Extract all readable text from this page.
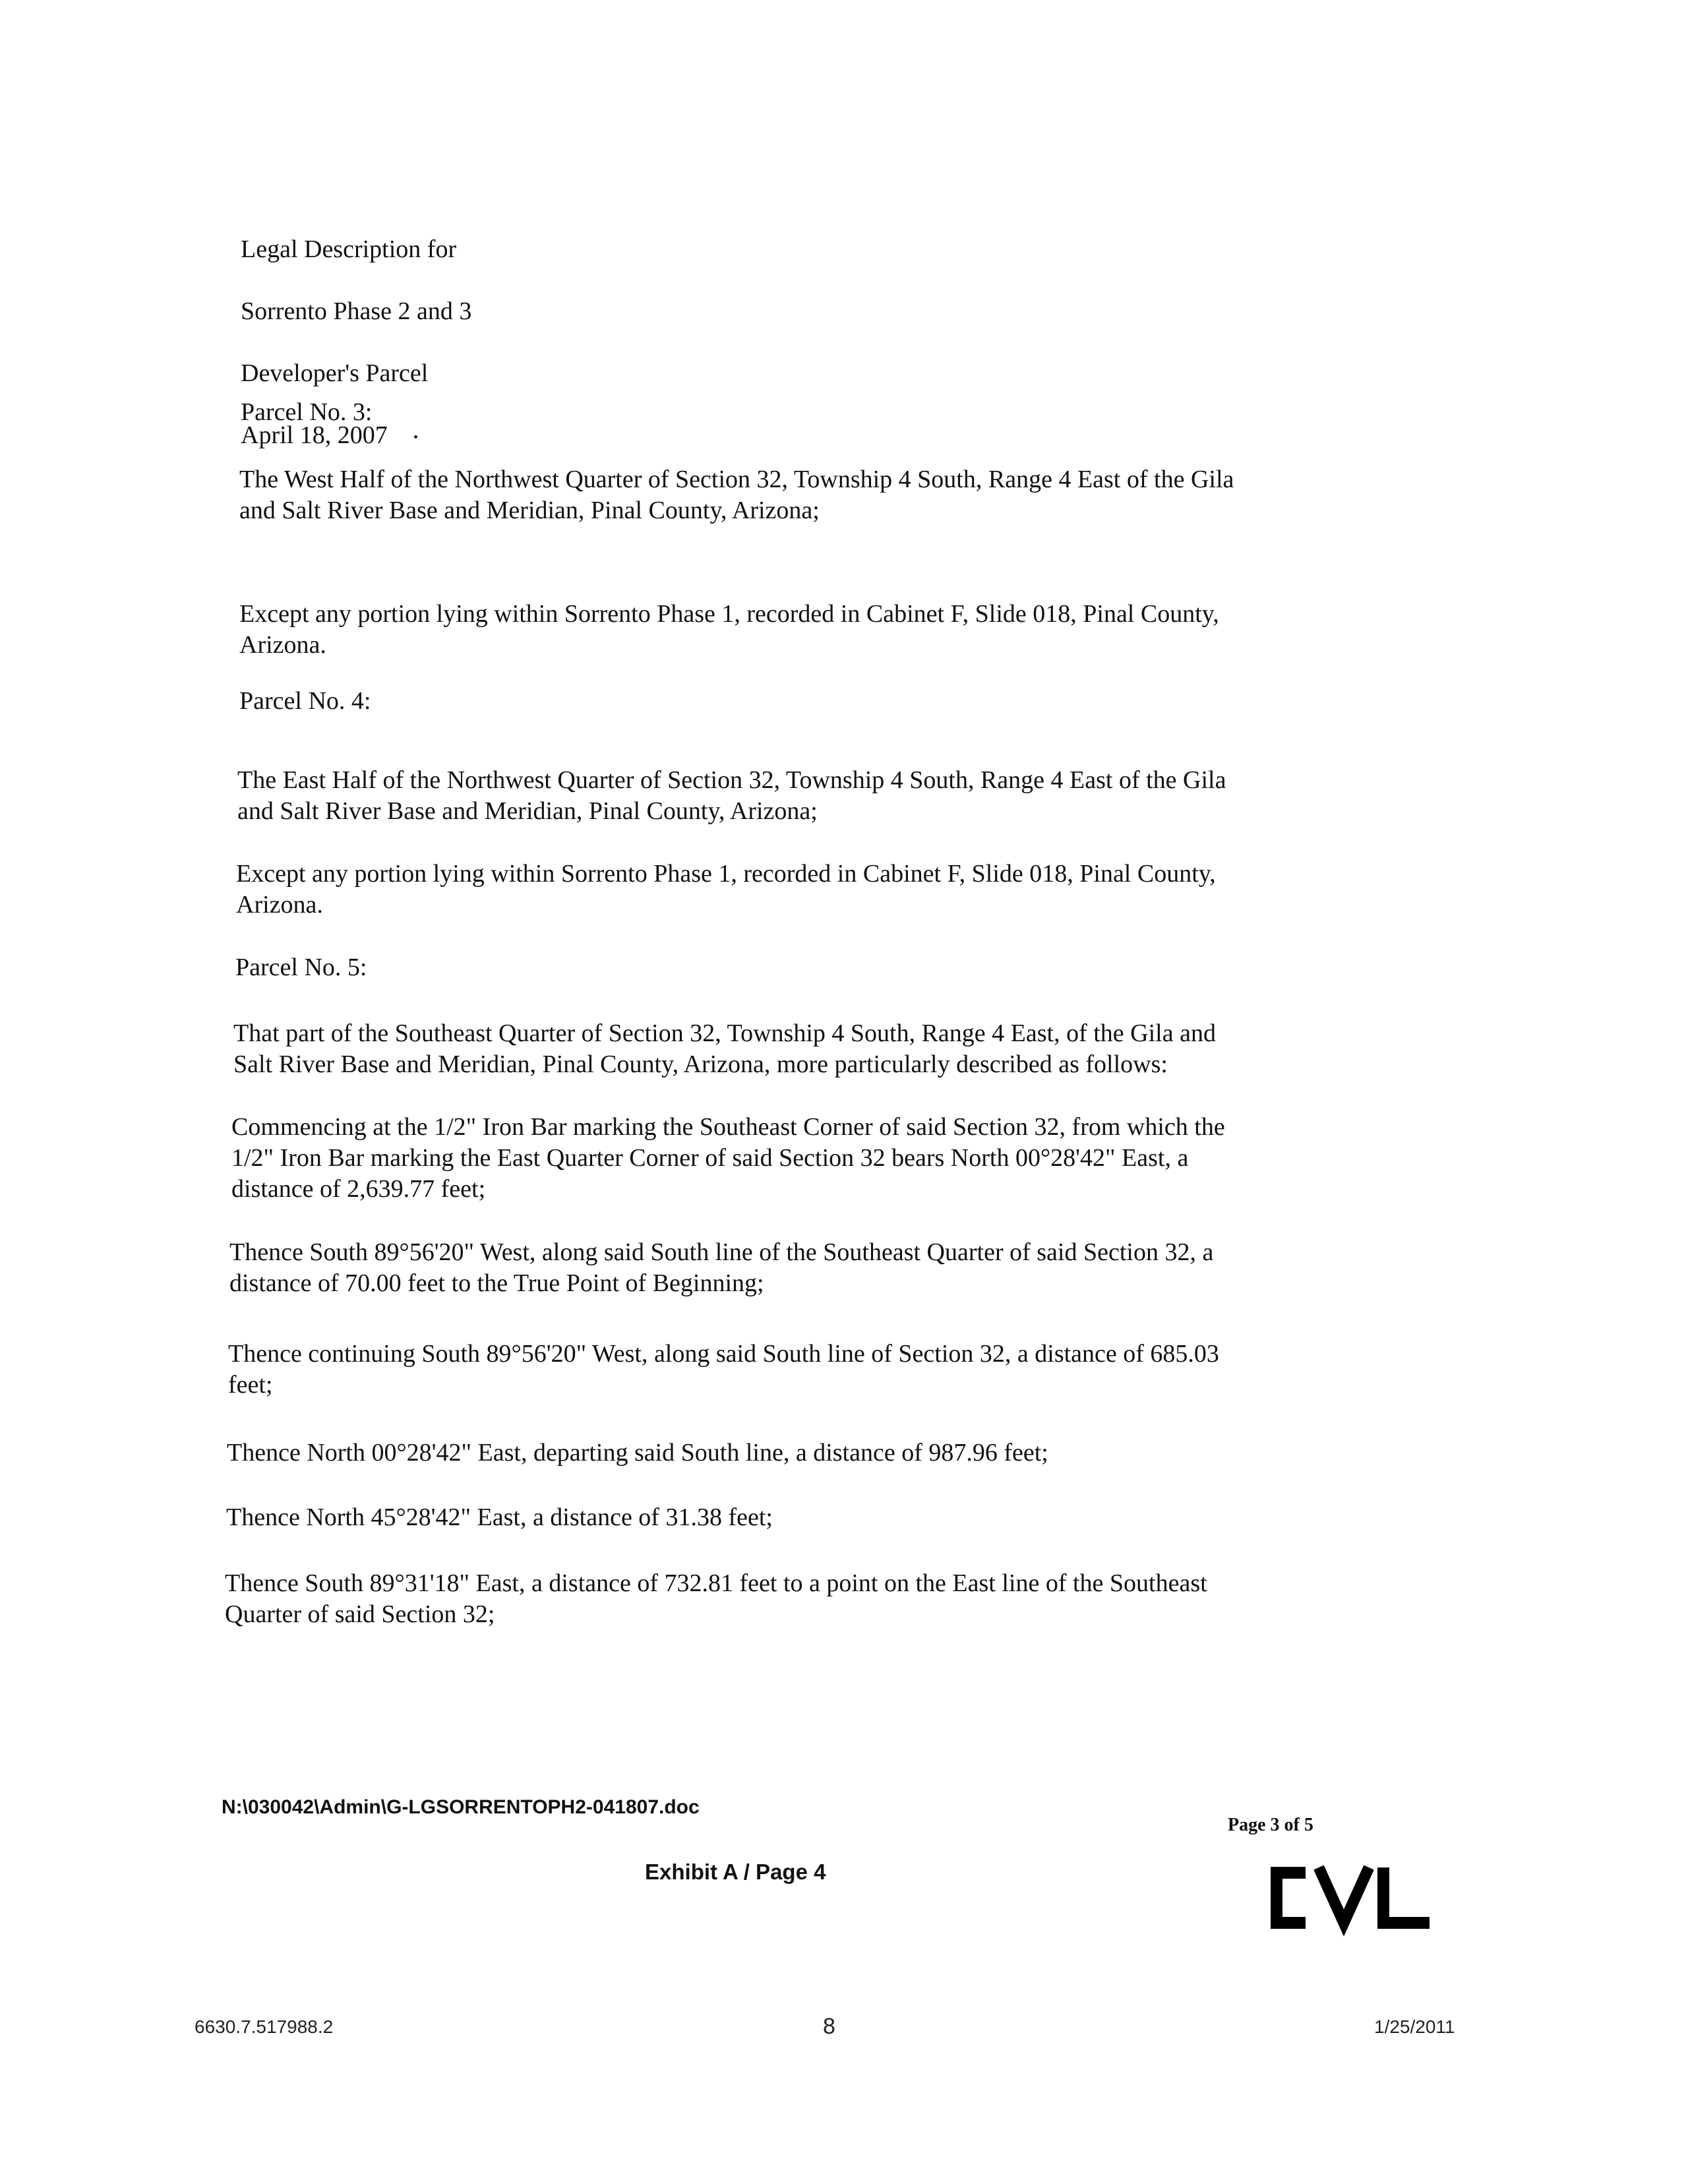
Legal Description for

Sorrento Phase 2 and 3

Developer's Parcel

April 18, 2007

Parcel No. 3:
The West Half of the Northwest Quarter of Section 32, Township 4 South, Range 4 East of the Gila
and Salt River Base and Meridian, Pinal County, Arizona;
Except any portion lying within Sorrento Phase 1, recorded in Cabinet F, Slide 018, Pinal County,
Arizona.
Parcel No. 4:
The East Half of the Northwest Quarter of Section 32, Township 4 South, Range 4 East of the Gila
and Salt River Base and Meridian, Pinal County, Arizona;
Except any portion lying within Sorrento Phase 1, recorded in Cabinet F, Slide 018, Pinal County,
Arizona.
Parcel No. 5:
That part of the Southeast Quarter of Section 32, Township 4 South, Range 4 East, of the Gila and
Salt River Base and Meridian, Pinal County, Arizona, more particularly described as follows:
Commencing at the 1/2" Iron Bar marking the Southeast Corner of said Section 32, from which the
1/2" Iron Bar marking the East Quarter Corner of said Section 32 bears North 00°28'42" East, a
distance of 2,639.77 feet;
Thence South 89°56'20" West, along said South line of the Southeast Quarter of said Section 32, a
distance of 70.00 feet to the True Point of Beginning;
Thence continuing South 89°56'20" West, along said South line of Section 32, a distance of 685.03
feet;
Thence North 00°28'42" East, departing said South line, a distance of 987.96 feet;
Thence North 45°28'42" East, a distance of 31.38 feet;
Thence South 89°31'18" East, a distance of 732.81 feet to a point on the East line of the Southeast
Quarter of said Section 32;
N:\030042\Admin\G-LGSORRENTOPH2-041807.doc
Page 3 of 5
Exhibit A / Page 4
6630.7.517988.2	8	1/25/2011
